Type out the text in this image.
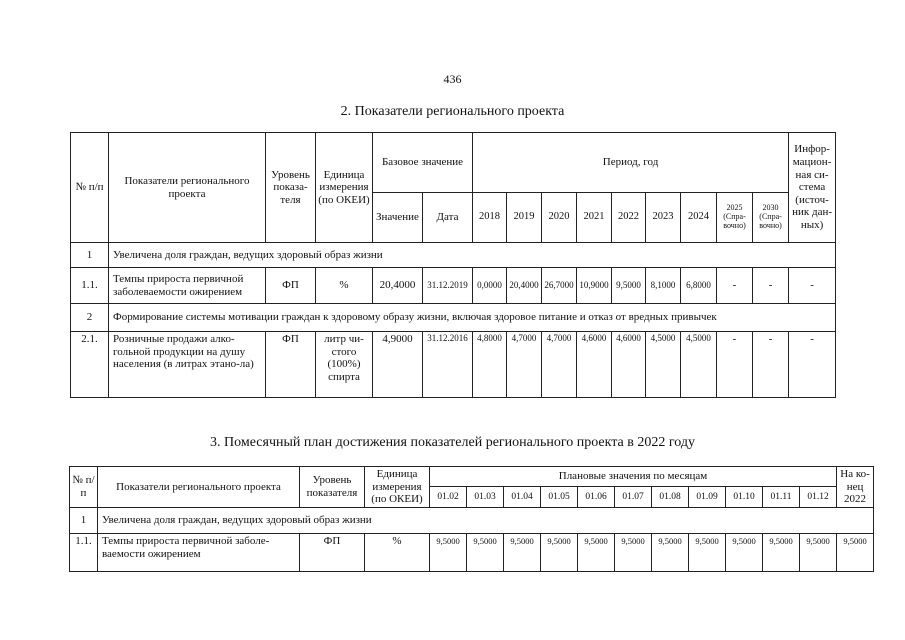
436
2. Показатели регионального проекта
№ п/п	Показатели регионального проекта	Уровень показа-теля	Единица измерения (по ОКЕИ)	Базовое значение		Период, год									Инфор-мацион-ная си-стема (источ-ник дан-ных)
				Значение	Дата	2018	2019	2020	2021	2022	2023	2024	2025 (Спра-вочно)	2030 (Спра-вочно)	
1	Увеличена доля граждан, ведущих здоровый образ жизни														
1.1.	Темпы прироста первичной заболеваемости ожирением	ФП	%	20,4000	31.12.2019	0,0000	20,4000	26,7000	10,9000	9,5000	8,1000	6,8000	-	-	-
2	Формирование системы мотивации граждан к здоровому образу жизни, включая здоровое питание и отказ от вредных привычек														
2.1.	Розничные продажи алко-гольной продукции на душу населения (в литрах этано-ла)	ФП	литр чи-стого (100%) спирта	4,9000	31.12.2016	4,8000	4,7000	4,7000	4,6000	4,6000	4,5000	4,5000	-	-	-
3. Помесячный план достижения показателей регионального проекта в 2022 году
№ п/п	Показатели регионального проекта	Уровень показателя	Единица измерения (по ОКЕИ)	Плановые значения по месяцам											На ко-нец 2022
				01.02	01.03	01.04	01.05	01.06	01.07	01.08	01.09	01.10	01.11	01.12	
1	Увеличена доля граждан, ведущих здоровый образ жизни														
1.1.	Темпы прироста первичной заболе-ваемости ожирением	ФП	%	9,5000	9,5000	9,5000	9,5000	9,5000	9,5000	9,5000	9,5000	9,5000	9,5000	9,5000	9,5000
